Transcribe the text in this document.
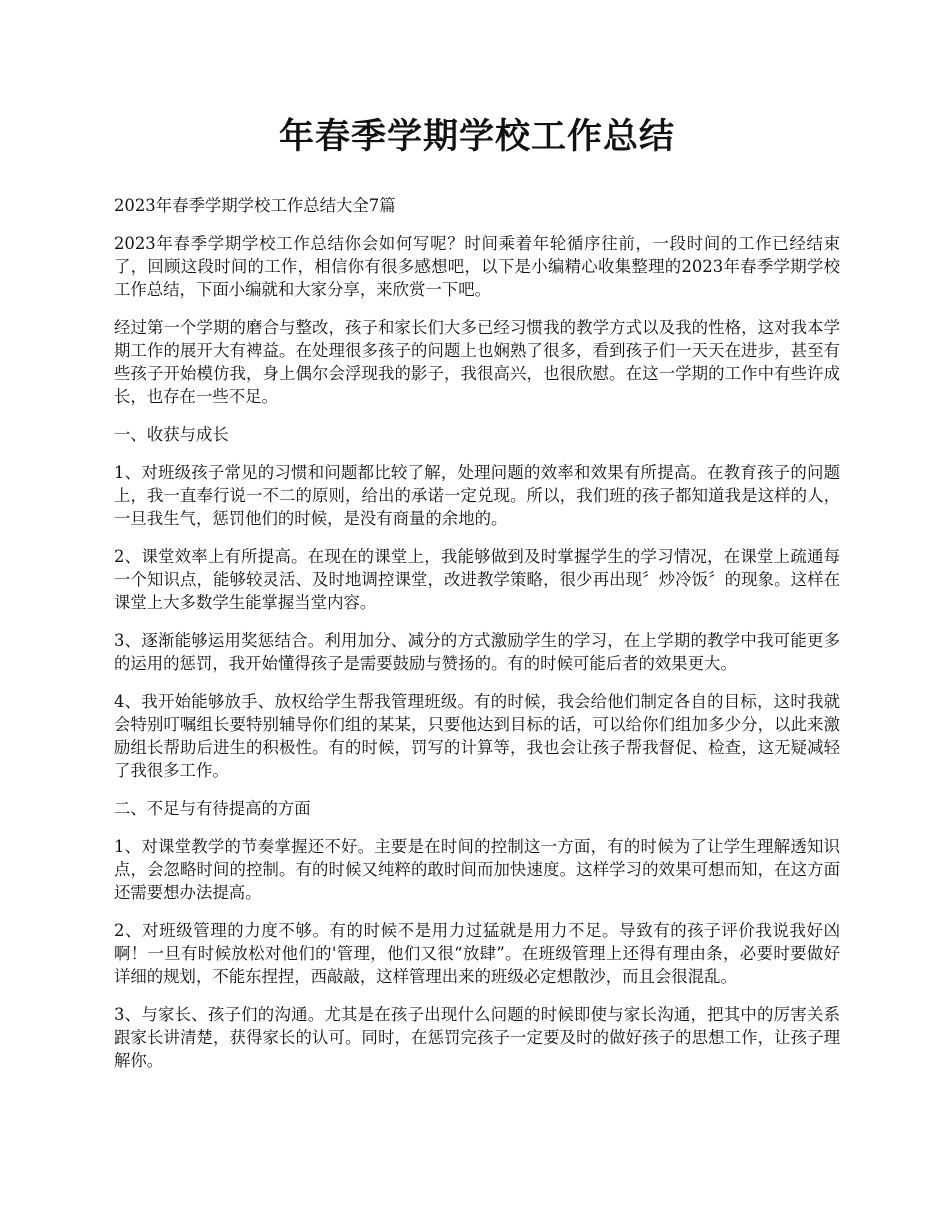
年春季学期学校工作总结

2023年春季学期学校工作总结大全7篇

2023年春季学期学校工作总结你会如何写呢？时间乘着年轮循序往前，一段时间的工作已经结束了，回顾这段时间的工作，相信你有很多感想吧，以下是小编精心收集整理的2023年春季学期学校工作总结，下面小编就和大家分享，来欣赏一下吧。

经过第一个学期的磨合与整改，孩子和家长们大多已经习惯我的教学方式以及我的性格，这对我本学期工作的展开大有裨益。在处理很多孩子的问题上也娴熟了很多，看到孩子们一天天在进步，甚至有些孩子开始模仿我，身上偶尔会浮现我的影子，我很高兴，也很欣慰。在这一学期的工作中有些许成长，也存在一些不足。

一、收获与成长

1、对班级孩子常见的习惯和问题都比较了解，处理问题的效率和效果有所提高。在教育孩子的问题上，我一直奉行说一不二的原则，给出的承诺一定兑现。所以，我们班的孩子都知道我是这样的人，一旦我生气，惩罚他们的时候，是没有商量的余地的。

2、课堂效率上有所提高。在现在的课堂上，我能够做到及时掌握学生的学习情况，在课堂上疏通每一个知识点，能够较灵活、及时地调控课堂，改进教学策略，很少再出现〞炒冷饭〞的现象。这样在课堂上大多数学生能掌握当堂内容。

3、逐渐能够运用奖惩结合。利用加分、减分的方式激励学生的学习，在上学期的教学中我可能更多的运用的惩罚，我开始懂得孩子是需要鼓励与赞扬的。有的时候可能后者的效果更大。

4、我开始能够放手、放权给学生帮我管理班级。有的时候，我会给他们制定各自的目标，这时我就会特别叮嘱组长要特别辅导你们组的某某，只要他达到目标的话，可以给你们组加多少分，以此来激励组长帮助后进生的积极性。有的时候，罚写的计算等，我也会让孩子帮我督促、检查，这无疑减轻了我很多工作。

二、不足与有待提高的方面

1、对课堂教学的节奏掌握还不好。主要是在时间的控制这一方面，有的时候为了让学生理解透知识点，会忽略时间的控制。有的时候又纯粹的敢时间而加快速度。这样学习的效果可想而知，在这方面还需要想办法提高。

2、对班级管理的力度不够。有的时候不是用力过猛就是用力不足。导致有的孩子评价我说我好凶啊！一旦有时候放松对他们的'管理，他们又很“放肆”。在班级管理上还得有理由条，必要时要做好详细的规划，不能东捏捏，西敲敲，这样管理出来的班级必定想散沙，而且会很混乱。

3、与家长、孩子们的沟通。尤其是在孩子出现什么问题的时候即使与家长沟通，把其中的厉害关系跟家长讲清楚，获得家长的认可。同时，在惩罚完孩子一定要及时的做好孩子的思想工作，让孩子理解你。
